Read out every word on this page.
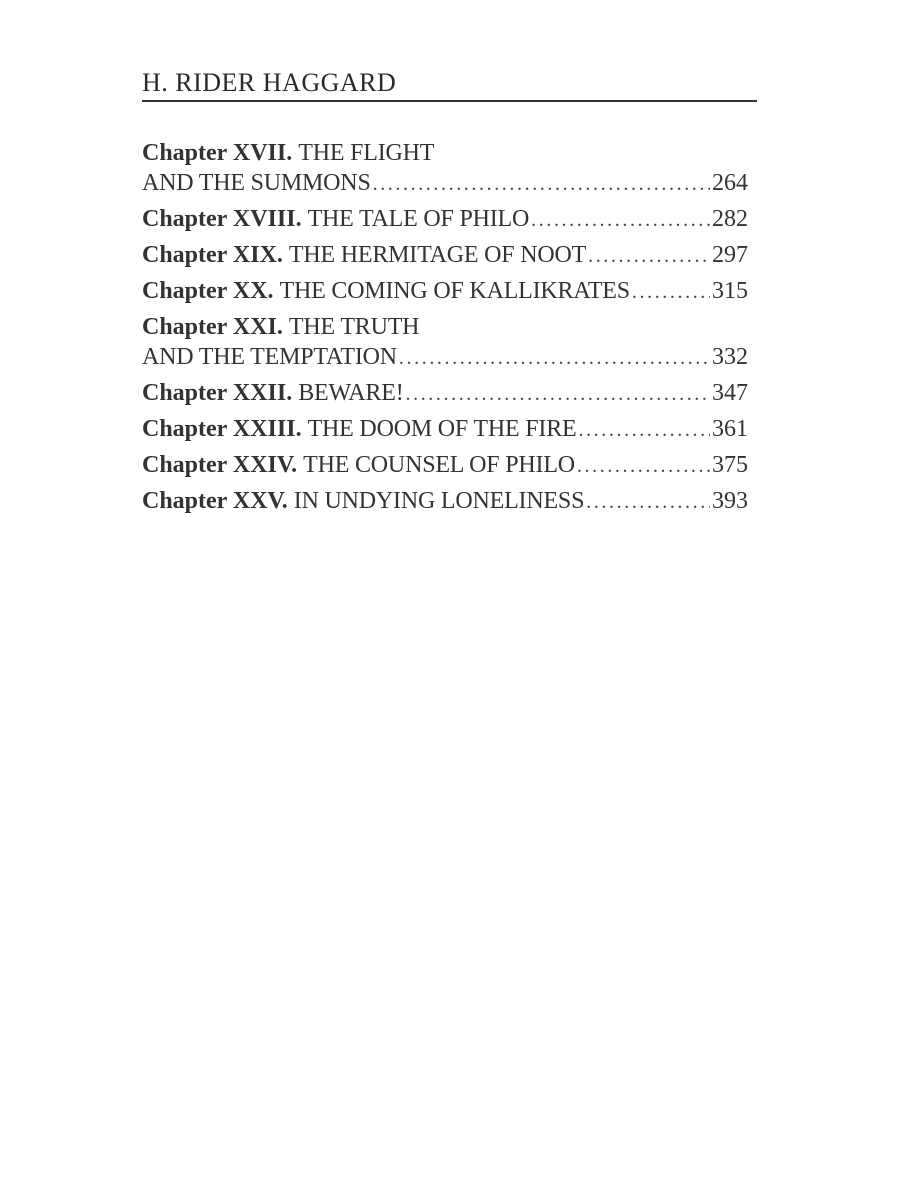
H. RIDER HAGGARD
Chapter XVII. THE FLIGHT
AND THE SUMMONS .....	264
Chapter XVIII. THE TALE OF PHILO .....	282
Chapter XIX. THE HERMITAGE OF NOOT .....	297
Chapter XX. THE COMING OF KALLIKRATES .....	315
Chapter XXI. THE TRUTH
AND THE TEMPTATION .....	332
Chapter XXII. BEWARE! .....	347
Chapter XXIII. THE DOOM OF THE FIRE .....	361
Chapter XXIV. THE COUNSEL OF PHILO .....	375
Chapter XXV. IN UNDYING LONELINESS .....	393
